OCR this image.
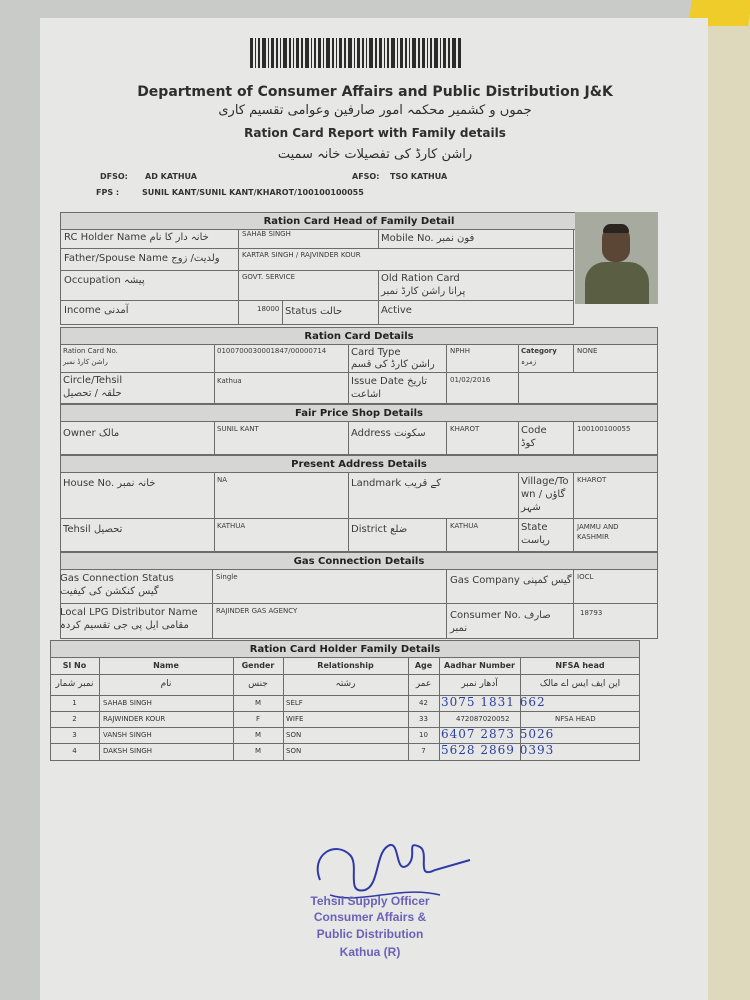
Department of Consumer Affairs and Public Distribution J&K
جموں و کشمیر محکمہ امور صارفین وعوامی تقسیم کاری
Ration Card Report with Family details
راشن کارڈ کی تفصیلات خانہ سمیت
DFSO: AD KATHUA	AFSO: TSO KATHUA
FPS :	SUNIL KANT/SUNIL KANT/KHAROT/100100100055
Ration Card Head of Family Detail
RC Holder Name خانہ دار کا نام	SAHAB SINGH	Mobile No. فون نمبر
Father/Spouse Name ولدیت/ زوج	KARTAR SINGH / RAJVINDER KOUR
Occupation پیشہ	GOVT. SERVICE	Old Ration Card
پرانا راشن کارڈ نمبر
Income آمدنی	18000 Status حالت	Active
Ration Card Details
Ration Card No.
راشن کارڈ نمبر
010070003000184​7/00000714 Card Type
راشن کارڈ کی قسم
NPHH	Category
زمرہ
NONE
Circle/Tehsil
حلقہ / تحصیل
Kathua	Issue Date تاریخ
اشاعت
01/02/2016
Fair Price Shop Details
Owner مالک	SUNIL KANT	Address سکونت	KHAROT	Code
کوڈ
100100100055
Present Address Details
House No. خانہ نمبر	NA	Landmark کے قریب	Village/To
wn / گاؤں
شہر
KHAROT
Tehsil تحصیل	KATHUA	District ضلع	KATHUA	State
ریاست
JAMMU AND
KASHMIR
Gas Connection Details
Gas Connection Status
گیس کنکشن کی کیفیت
Single	Gas Company گیس کمپنی IOCL
Local LPG Distributor Name
مقامی ایل پی جی تقسیم کردہ
RAJINDER GAS AGENCY	Consumer No. صارف
نمبر
18793
Ration Card Holder Family Details
Sl No	Name	Gender	Relationship	Age	Aadhar Number	NFSA head
نمبر شمار	نام	جنس	رشتہ	عمر	آدھار نمبر	این ایف ایس اے مالک
1	SAHAB SINGH	M	SELF	42	3075 1831 662
2	RAJWINDER KOUR	F	WIFE	33	472087020052	NFSA HEAD
3	VANSH SINGH	M	SON	10	6407 2873 5026
4	DAKSH SINGH	M	SON	7	5628 2869 0393
Tehsil Supply Officer
Consumer Affairs &
Public Distribution
Kathua (R)
